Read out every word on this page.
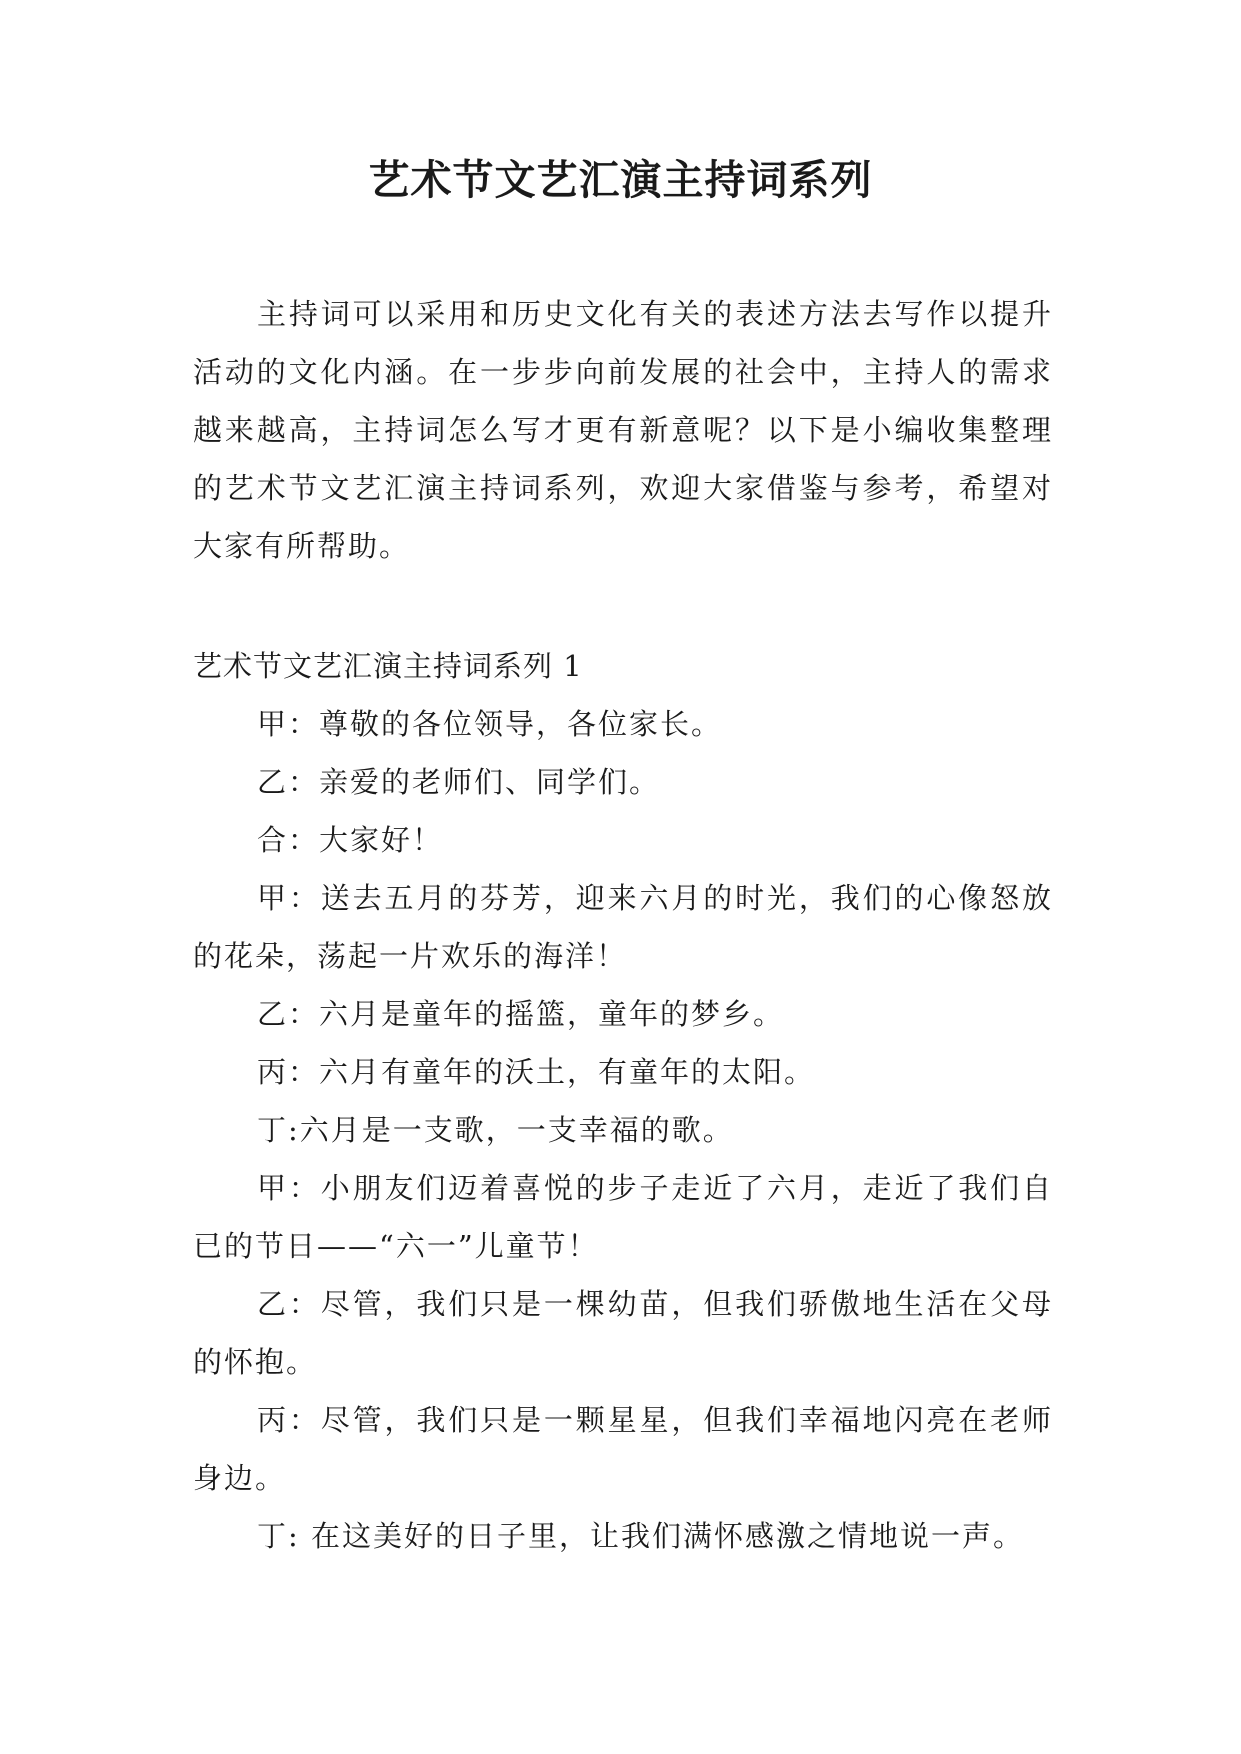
艺术节文艺汇演主持词系列

主持词可以采用和历史文化有关的表述方法去写作以提升活动的文化内涵。在一步步向前发展的社会中，主持人的需求越来越高，主持词怎么写才更有新意呢？以下是小编收集整理的艺术节文艺汇演主持词系列，欢迎大家借鉴与参考，希望对大家有所帮助。

艺术节文艺汇演主持词系列 1

甲：尊敬的各位领导，各位家长。

乙：亲爱的老师们、同学们。

合：大家好！

甲：送去五月的芬芳，迎来六月的时光，我们的心像怒放的花朵，荡起一片欢乐的海洋！

乙：六月是童年的摇篮，童年的梦乡。

丙：六月有童年的沃土，有童年的太阳。

丁:六月是一支歌，一支幸福的歌。

甲：小朋友们迈着喜悦的步子走近了六月，走近了我们自已的节日——“六一”儿童节！

乙：尽管，我们只是一棵幼苗，但我们骄傲地生活在父母的怀抱。

丙：尽管，我们只是一颗星星，但我们幸福地闪亮在老师身边。

丁: 在这美好的日子里，让我们满怀感激之情地说一声。
